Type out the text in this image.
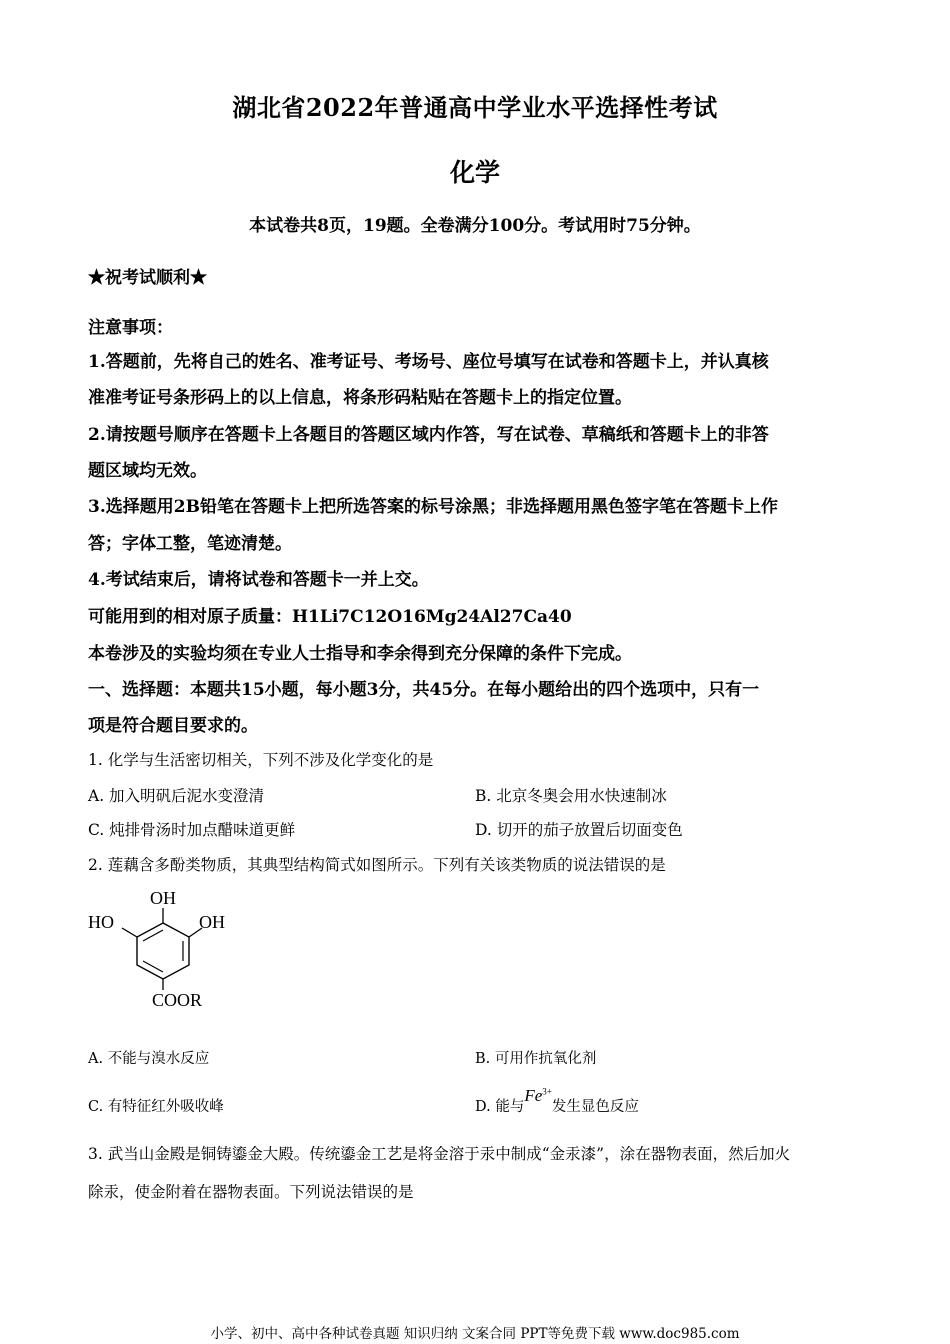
湖北省2022年普通高中学业水平选择性考试
化学
本试卷共8页，19题。全卷满分100分。考试用时75分钟。
★祝考试顺利★
注意事项：
1.答题前，先将自己的姓名、准考证号、考场号、座位号填写在试卷和答题卡上，并认真核
准准考证号条形码上的以上信息，将条形码粘贴在答题卡上的指定位置。
2.请按题号顺序在答题卡上各题目的答题区域内作答，写在试卷、草稿纸和答题卡上的非答
题区域均无效。
3.选择题用2B铅笔在答题卡上把所选答案的标号涂黑；非选择题用黑色签字笔在答题卡上作
答；字体工整，笔迹清楚。
4.考试结束后，请将试卷和答题卡一并上交。
可能用到的相对原子质量：H1Li7C12O16Mg24Al27Ca40
本卷涉及的实验均须在专业人士指导和李余得到充分保障的条件下完成。
一、选择题：本题共15小题，每小题3分，共45分。在每小题给出的四个选项中，只有一
项是符合题目要求的。
1. 化学与生活密切相关，下列不涉及化学变化的是
A. 加入明矾后泥水变澄清	B. 北京冬奥会用水快速制冰
C. 炖排骨汤时加点醋味道更鲜	D. 切开的茄子放置后切面变色
2. 莲藕含多酚类物质，其典型结构简式如图所示。下列有关该类物质的说法错误的是
OH
HO	OH
COOR
A. 不能与溴水反应	B. 可用作抗氧化剂
C. 有特征红外吸收峰	D. 能与$Fe^{3+}$发生显色反应
3. 武当山金殿是铜铸鎏金大殿。传统鎏金工艺是将金溶于汞中制成“金汞漆”，涂在器物表面，然后加火
除汞，使金附着在器物表面。下列说法错误的是
小学、初中、高中各种试卷真题 知识归纳 文案合同 PPT等免费下载 www.doc985.com
